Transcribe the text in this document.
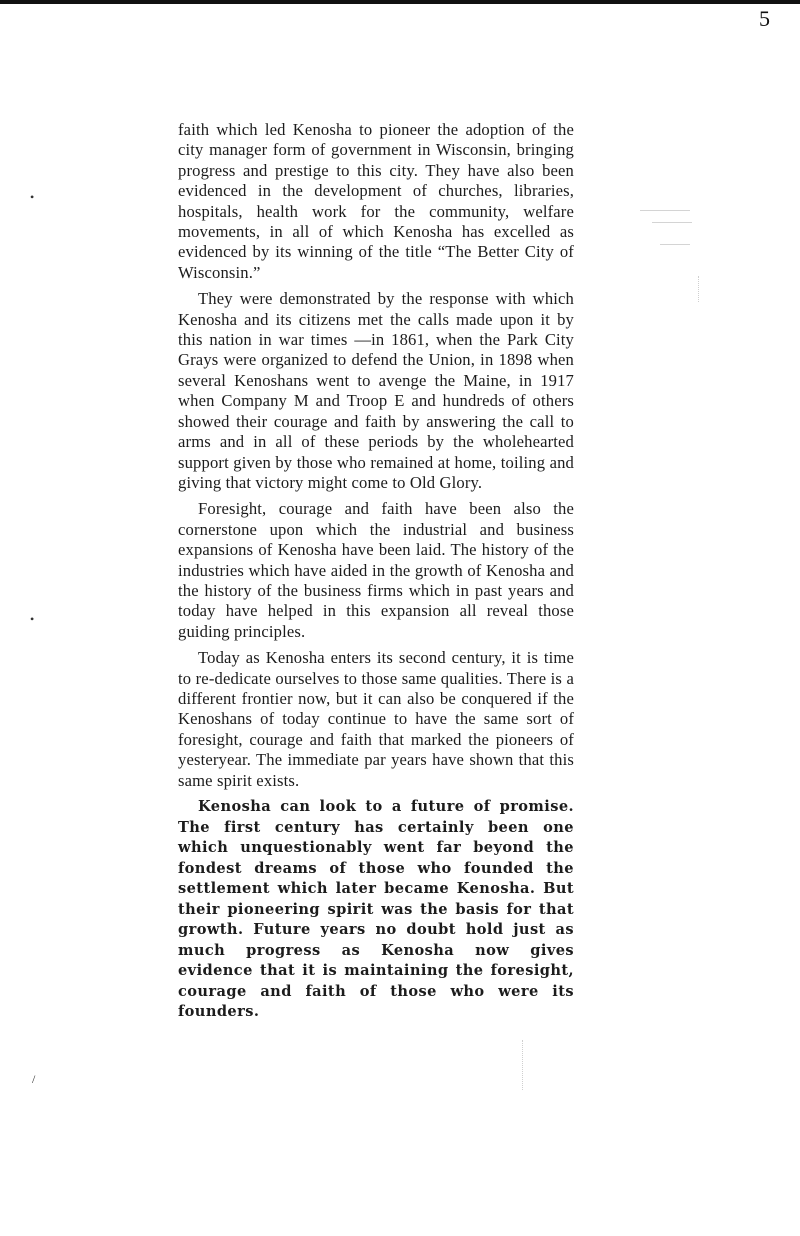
5
•
•
/

faith which led Kenosha to pioneer the adoption of the city manager form of government in Wisconsin, bringing progress and prestige to this city. They have also been evidenced in the development of churches, libraries, hospitals, health work for the community, welfare movements, in all of which Kenosha has excelled as evidenced by its winning of the title “The Better City of Wisconsin.”

They were demonstrated by the response with which Kenosha and its citizens met the calls made upon it by this nation in war times —in 1861, when the Park City Grays were organized to defend the Union, in 1898 when several Kenoshans went to avenge the Maine, in 1917 when Company M and Troop E and hundreds of others showed their courage and faith by answering the call to arms and in all of these periods by the wholehearted support given by those who remained at home, toiling and giving that victory might come to Old Glory.

Foresight, courage and faith have been also the cornerstone upon which the industrial and business expansions of Kenosha have been laid. The history of the industries which have aided in the growth of Kenosha and the history of the business firms which in past years and today have helped in this expansion all reveal those guiding principles.

Today as Kenosha enters its second century, it is time to re-dedicate ourselves to those same qualities. There is a different frontier now, but it can also be conquered if the Kenoshans of today continue to have the same sort of foresight, courage and faith that marked the pioneers of yesteryear. The immediate par years have shown that this same spirit exists.

Kenosha can look to a future of promise. The first century has certainly been one which unquestionably went far beyond the fondest dreams of those who founded the settlement which later became Kenosha. But their pioneering spirit was the basis for that growth. Future years no doubt hold just as much progress as Kenosha now gives evidence that it is maintaining the foresight, courage and faith of those who were its founders.
